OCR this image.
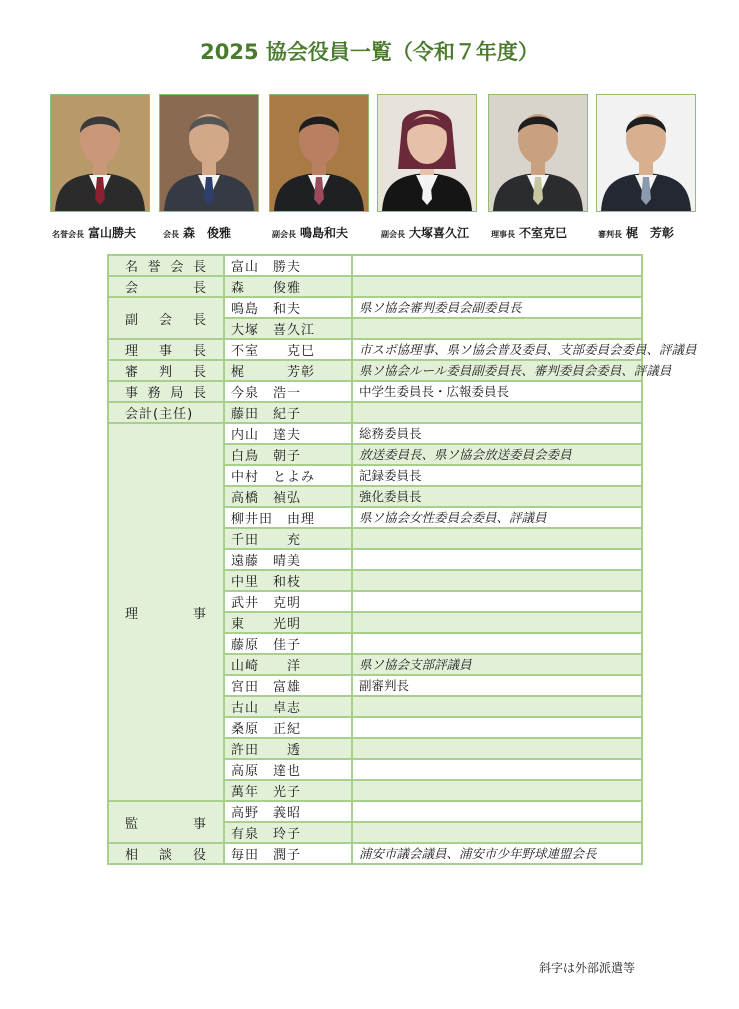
2025 協会役員一覧（令和７年度）
名 誉 会 長	富山　勝夫	

会 長	森　　俊雅	

副 会 長	鳴島　和夫	県ソ協会審判委員会副委員長
	大塚　喜久江	

理 事 長	不室　　克巳	市スポ協理事、県ソ協会普及委員、支部委員会委員、評議員

審 判 長	梶　　　芳彰	県ソ協会ルール委員副委員長、審判委員会委員、評議員

事 務 局 長	今泉　浩一	中学生委員長・広報委員長

会計(主任)	藤田　紀子	

理 事	内山　達夫	総務委員長
	白鳥　朝子	放送委員長、県ソ協会放送委員会委員
	中村　とよみ	記録委員長
	高橋　禎弘	強化委員長
	柳井田　由理	県ソ協会女性委員会委員、評議員
	千田　　充	
	遠藤　晴美	
	中里　和枝	
	武井　克明	
	東　　光明	
	藤原　佳子	
	山崎　　洋	県ソ協会支部評議員
	宮田　富雄	副審判長
	古山　卓志	
	桑原　正紀	
	許田　　透	
	高原　達也	
	萬年　光子	

監 事	高野　義昭	
	有泉　玲子	

相 談 役	毎田　潤子	浦安市議会議員、浦安市少年野球連盟会長
斜字は外部派遣等
名誉会長 富山勝夫	会長 森　俊雅	副会長 鳴島和夫	副会長 大塚喜久江	理事長 不室克巳	審判長 梶　芳彰
